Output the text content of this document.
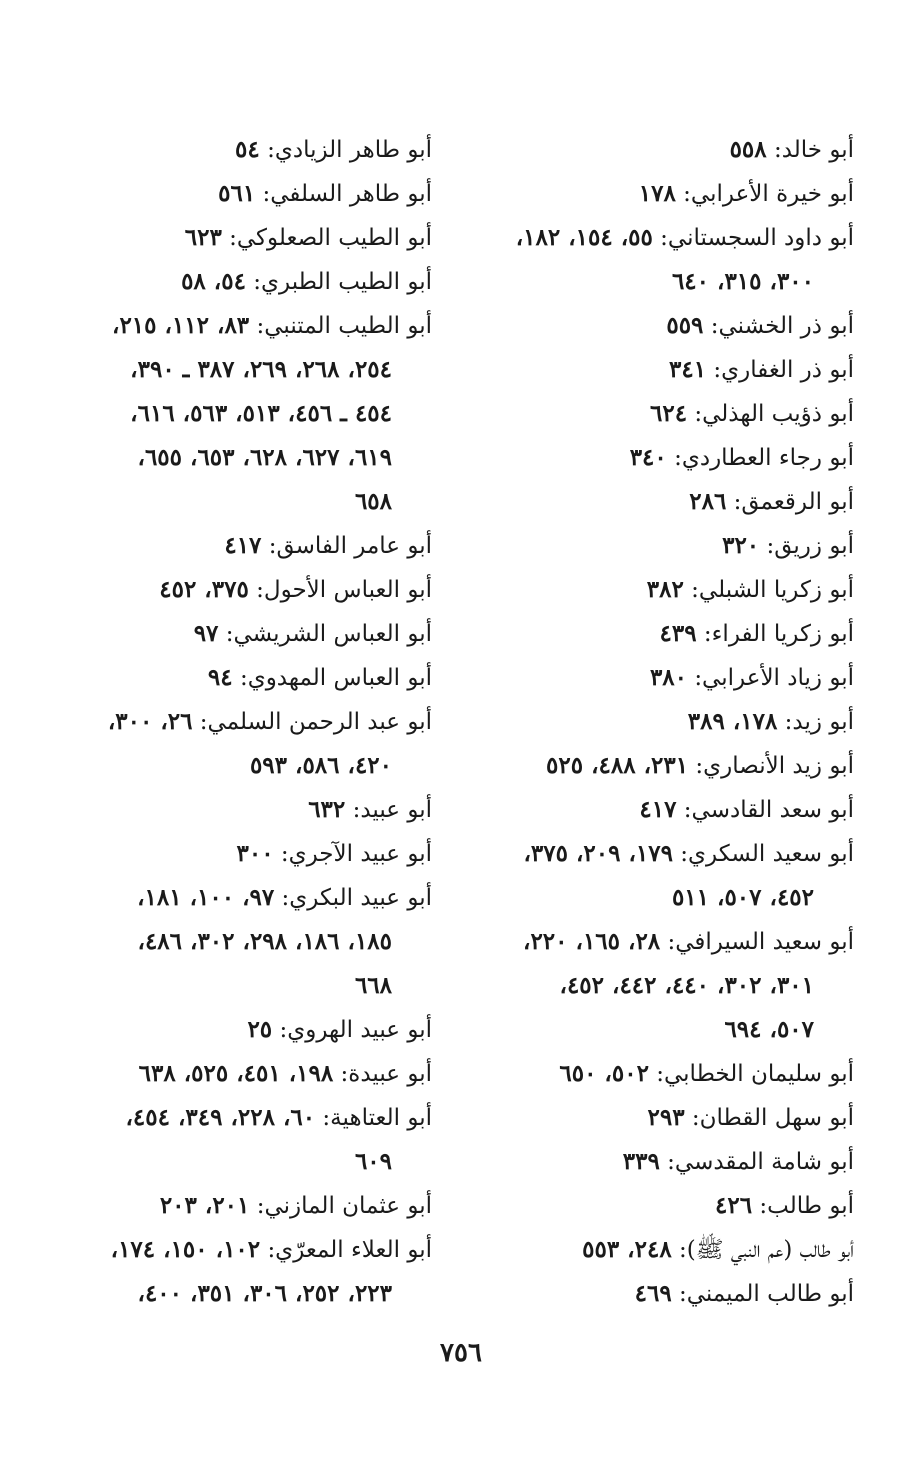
أبو خالد: ٥٥٨
أبو خيرة الأعرابي: ١٧٨
أبو داود السجستاني: ٥٥، ١٥٤، ١٨٢،
٣٠٠، ٣١٥، ٦٤٠
أبو ذر الخشني: ٥٥٩
أبو ذر الغفاري: ٣٤١
أبو ذؤيب الهذلي: ٦٢٤
أبو رجاء العطاردي: ٣٤٠
أبو الرقعمق: ٢٨٦
أبو زريق: ٣٢٠
أبو زكريا الشبلي: ٣٨٢
أبو زكريا الفراء: ٤٣٩
أبو زياد الأعرابي: ٣٨٠
أبو زيد: ١٧٨، ٣٨٩
أبو زيد الأنصاري: ٢٣١، ٤٨٨، ٥٢٥
أبو سعد القادسي: ٤١٧
أبو سعيد السكري: ١٧٩، ٢٠٩، ٣٧٥،
٤٥٢، ٥٠٧، ٥١١
أبو سعيد السيرافي: ٢٨، ١٦٥، ٢٢٠،
٣٠١، ٣٠٢، ٤٤٠، ٤٤٢، ٤٥٢،
٥٠٧، ٦٩٤
أبو سليمان الخطابي: ٥٠٢، ٦٥٠
أبو سهل القطان: ٢٩٣
أبو شامة المقدسي: ٣٣٩
أبو طالب: ٤٢٦
أبو طالب (عم النبي ﷺ): ٢٤٨، ٥٥٣
أبو طالب الميمني: ٤٦٩
أبو طاهر الزيادي: ٥٤
أبو طاهر السلفي: ٥٦١
أبو الطيب الصعلوكي: ٦٢٣
أبو الطيب الطبري: ٥٤، ٥٨
أبو الطيب المتنبي: ٨٣، ١١٢، ٢١٥،
٢٥٤، ٢٦٨، ٢٦٩، ٣٨٧ ـ ٣٩٠،
٤٥٤ ـ ٤٥٦، ٥١٣، ٥٦٣، ٦١٦،
٦١٩، ٦٢٧، ٦٢٨، ٦٥٣، ٦٥٥،
٦٥٨
أبو عامر الفاسق: ٤١٧
أبو العباس الأحول: ٣٧٥، ٤٥٢
أبو العباس الشريشي: ٩٧
أبو العباس المهدوي: ٩٤
أبو عبد الرحمن السلمي: ٢٦، ٣٠٠،
٤٢٠، ٥٨٦، ٥٩٣
أبو عبيد: ٦٣٢
أبو عبيد الآجري: ٣٠٠
أبو عبيد البكري: ٩٧، ١٠٠، ١٨١،
١٨٥، ١٨٦، ٢٩٨، ٣٠٢، ٤٨٦،
٦٦٨
أبو عبيد الهروي: ٢٥
أبو عبيدة: ١٩٨، ٤٥١، ٥٢٥، ٦٣٨
أبو العتاهية: ٦٠، ٢٢٨، ٣٤٩، ٤٥٤،
٦٠٩
أبو عثمان المازني: ٢٠١، ٢٠٣
أبو العلاء المعرّي: ١٠٢، ١٥٠، ١٧٤،
٢٢٣، ٢٥٢، ٣٠٦، ٣٥١، ٤٠٠،
٧٥٦
